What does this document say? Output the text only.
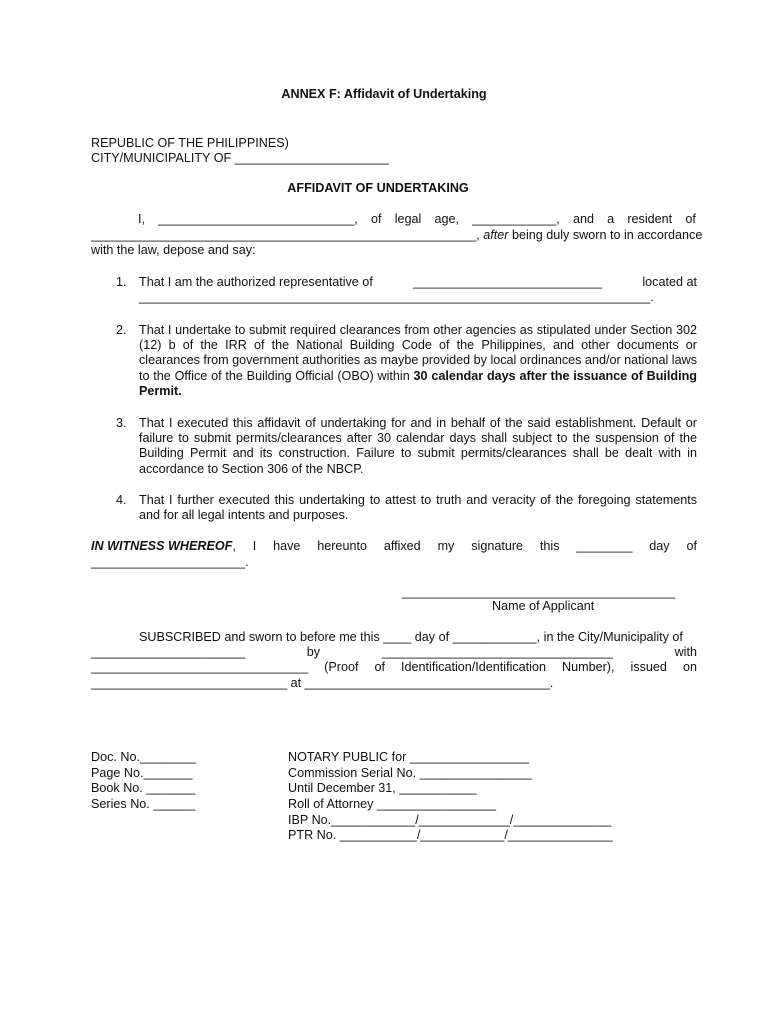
ANNEX F: Affidavit of Undertaking
REPUBLIC OF THE PHILIPPINES)
CITY/MUNICIPALITY OF ______________________
AFFIDAVIT OF UNDERTAKING
I, ____________________________, of legal age, ____________, and a resident of
_______________________________________________________, after being duly sworn to in accordance
with the law, depose and say:
1. That I am the authorized representative of	___________________________	located at
_________________________________________________________________________.
2. That I undertake to submit required clearances from other agencies as stipulated under Section 302 (12) b of the IRR of the National Building Code of the Philippines, and other documents or clearances from government authorities as maybe provided by local ordinances and/or national laws to the Office of the Building Official (OBO) within 30 calendar days after the issuance of Building Permit.
3. That I executed this affidavit of undertaking for and in behalf of the said establishment. Default or failure to submit permits/clearances after 30 calendar days shall subject to the suspension of the Building Permit and its construction. Failure to submit permits/clearances shall be dealt with in accordance to Section 306 of the NBCP.
4. That I further executed this undertaking to attest to truth and veracity of the foregoing statements and for all legal intents and purposes.
IN WITNESS WHEREOF, I have hereunto affixed my signature this ________ day of
______________________.
_______________________________________
Name of Applicant
SUBSCRIBED and sworn to before me this ____ day of ____________, in the City/Municipality of
______________________	by	_________________________________	with
_______________________________ (Proof of Identification/Identification Number), issued on
____________________________ at ___________________________________.
Doc. No.________
Page No._______
Book No. _______
Series No. ______
NOTARY PUBLIC for _________________
Commission Serial No. ________________
Until December 31, ___________
Roll of Attorney _________________
IBP No.____________/_____________/______________
PTR No. ___________/____________/_______________
